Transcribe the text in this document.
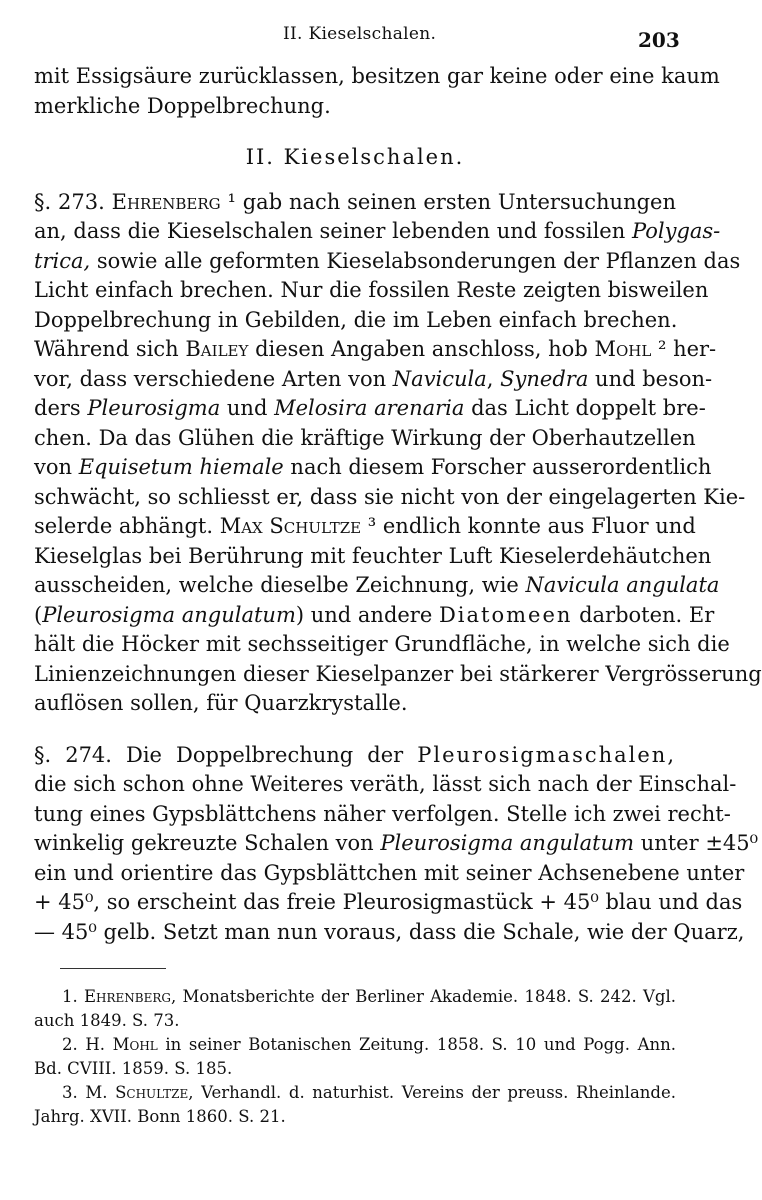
II. Kieselschalen.	203
mit Essigsäure zurücklassen, besitzen gar keine oder eine kaum
merkliche Doppelbrechung.
II. Kieselschalen.
§. 273. Ehrenberg ¹ gab nach seinen ersten Untersuchungen
an, dass die Kieselschalen seiner lebenden und fossilen Polygas-
trica, sowie alle geformten Kieselabsonderungen der Pflanzen das
Licht einfach brechen. Nur die fossilen Reste zeigten bisweilen
Doppelbrechung in Gebilden, die im Leben einfach brechen.
Während sich Bailey diesen Angaben anschloss, hob Mohl ² her-
vor, dass verschiedene Arten von Navicula, Synedra und beson-
ders Pleurosigma und Melosira arenaria das Licht doppelt bre-
chen. Da das Glühen die kräftige Wirkung der Oberhautzellen
von Equisetum hiemale nach diesem Forscher ausserordentlich
schwächt, so schliesst er, dass sie nicht von der eingelagerten Kie-
selerde abhängt. Max Schultze ³ endlich konnte aus Fluor und
Kieselglas bei Berührung mit feuchter Luft Kieselerdehäutchen
ausscheiden, welche dieselbe Zeichnung, wie Navicula angulata
(Pleurosigma angulatum) und andere Diatomeen darboten. Er
hält die Höcker mit sechsseitiger Grundfläche, in welche sich die
Linienzeichnungen dieser Kieselpanzer bei stärkerer Vergrösserung
auflösen sollen, für Quarzkrystalle.
§. 274. Die Doppelbrechung der Pleurosigmaschalen,
die sich schon ohne Weiteres veräth, lässt sich nach der Einschal-
tung eines Gypsblättchens näher verfolgen. Stelle ich zwei recht-
winkelig gekreuzte Schalen von Pleurosigma angulatum unter ±45⁰
ein und orientire das Gypsblättchen mit seiner Achsenebene unter
+ 45⁰, so erscheint das freie Pleurosigmastück + 45⁰ blau und das
— 45⁰ gelb. Setzt man nun voraus, dass die Schale, wie der Quarz,
1. Ehrenberg, Monatsberichte der Berliner Akademie. 1848. S. 242. Vgl.
auch 1849. S. 73.
2. H. Mohl in seiner Botanischen Zeitung. 1858. S. 10 und Pogg. Ann.
Bd. CVIII. 1859. S. 185.
3. M. Schultze, Verhandl. d. naturhist. Vereins der preuss. Rheinlande.
Jahrg. XVII. Bonn 1860. S. 21.
